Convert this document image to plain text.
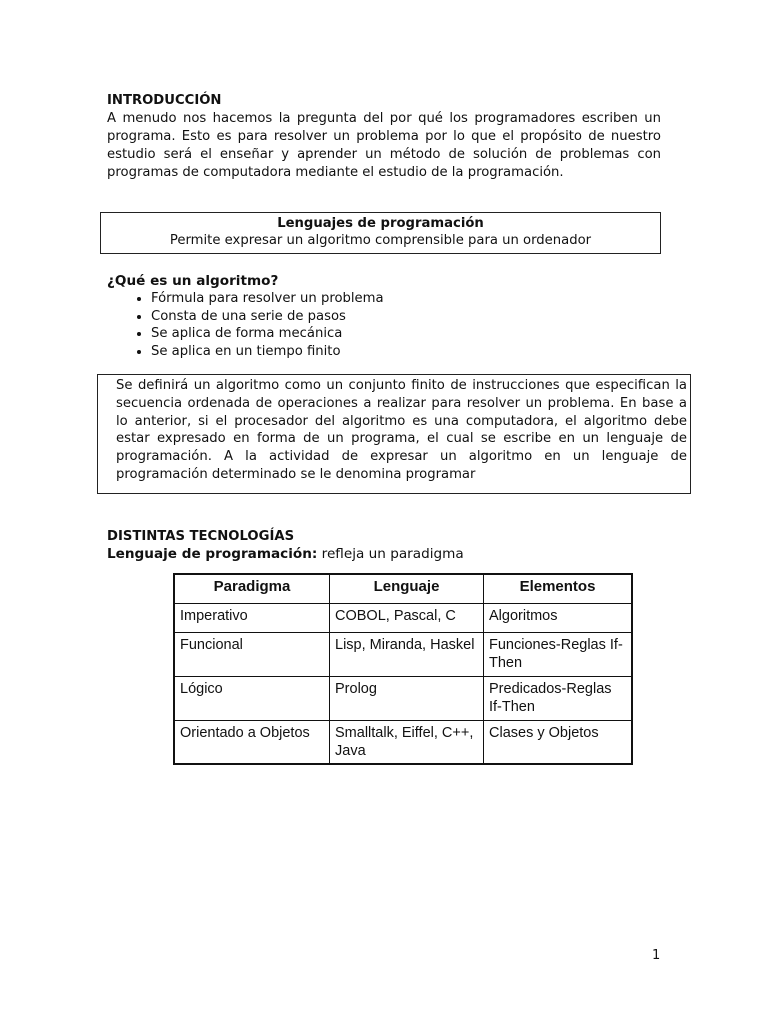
INTRODUCCIÓN

A menudo nos hacemos la pregunta del por qué los programadores escriben un programa. Esto es para resolver un problema por lo que el propósito de nuestro estudio será el enseñar y aprender un método de solución de problemas con programas de computadora mediante el estudio de la programación.

Lenguajes de programación
Permite expresar un algoritmo comprensible para un ordenador
¿Qué es un algoritmo?
• Fórmula para resolver un problema
• Consta de una serie de pasos
• Se aplica de forma mecánica
• Se aplica en un tiempo finito

Se definirá un algoritmo como un conjunto finito de instrucciones que especifican la secuencia ordenada de operaciones a realizar para resolver un problema. En base a lo anterior, si el procesador del algoritmo es una computadora, el algoritmo debe estar expresado en forma de un programa, el cual se escribe en un lenguaje de programación. A la actividad de expresar un algoritmo en un lenguaje de programación determinado se le denomina programar

DISTINTAS TECNOLOGÍAS
Lenguaje de programación: refleja un paradigma
Paradigma	Lenguaje	Elementos
Imperativo	COBOL, Pascal, C	Algoritmos
Funcional	Lisp, Miranda, Haskel	Funciones-Reglas If-Then
Lógico	Prolog	Predicados-Reglas If-Then
Orientado a Objetos	Smalltalk, Eiffel, C++, Java	Clases y Objetos
1
